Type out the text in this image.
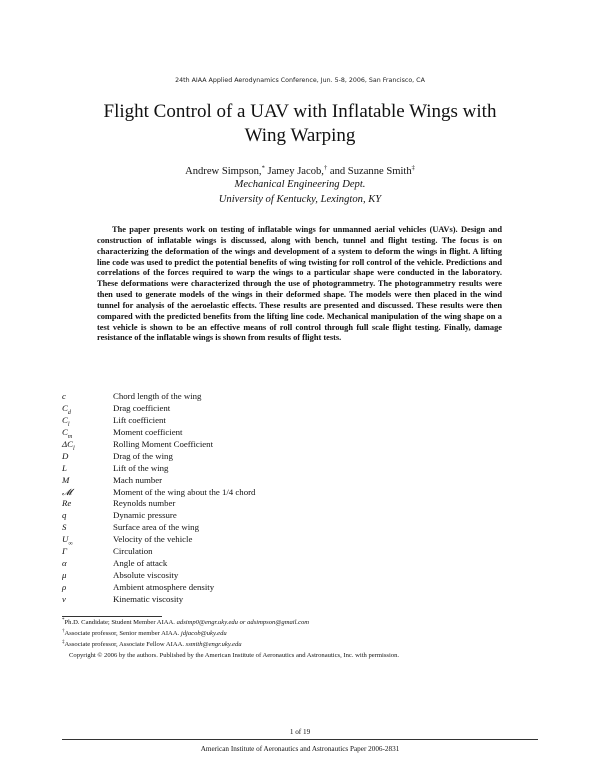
24th AIAA Applied Aerodynamics Conference, Jun. 5-8, 2006, San Francisco, CA
Flight Control of a UAV with Inflatable Wings with
Wing Warping
Andrew Simpson,* Jamey Jacob,† and Suzanne Smith‡
Mechanical Engineering Dept.
University of Kentucky, Lexington, KY

The paper presents work on testing of inflatable wings for unmanned aerial vehicles (UAVs). Design and construction of inflatable wings is discussed, along with bench, tunnel and flight testing. The focus is on characterizing the deformation of the wings and development of a system to deform the wings in flight. A lifting line code was used to predict the potential benefits of wing twisting for roll control of the vehicle. Predictions and correlations of the forces required to warp the wings to a particular shape were conducted in the laboratory. These deformations were characterized through the use of photogrammetry. The photogrammetry results were then used to generate models of the wings in their deformed shape. The models were then placed in the wind tunnel for analysis of the aeroelastic effects. These results are presented and discussed. These results were then compared with the predicted benefits from the lifting line code. Mechanical manipulation of the wing shape on a test vehicle is shown to be an effective means of roll control through full scale flight testing. Finally, damage resistance of the inflatable wings is shown from results of flight tests.

c	Chord length of the wing
$C_d$	Drag coefficient
$C_l$	Lift coefficient
$C_m$	Moment coefficient
$\Delta C_l$	Rolling Moment Coefficient
D	Drag of the wing
L	Lift of the wing
M	Mach number
𝓜	Moment of the wing about the 1/4 chord
Re	Reynolds number
q	Dynamic pressure
S	Surface area of the wing
$U_\infty$	Velocity of the vehicle
Γ	Circulation
α	Angle of attack
μ	Absolute viscosity
ρ	Ambient atmosphere density
ν	Kinematic viscosity
*Ph.D. Candidate; Student Member AIAA. adsimp0@engr.uky.edu or adsimpson@gmail.com
†Associate professor, Senior member AIAA. jdjacob@uky.edu
‡Associate professor, Associate Fellow AIAA. ssmith@engr.uky.edu

Copyright © 2006 by the authors. Published by the American Institute of Aeronautics and Astronautics, Inc. with permission.

1 of 19
American Institute of Aeronautics and Astronautics Paper 2006-2831
